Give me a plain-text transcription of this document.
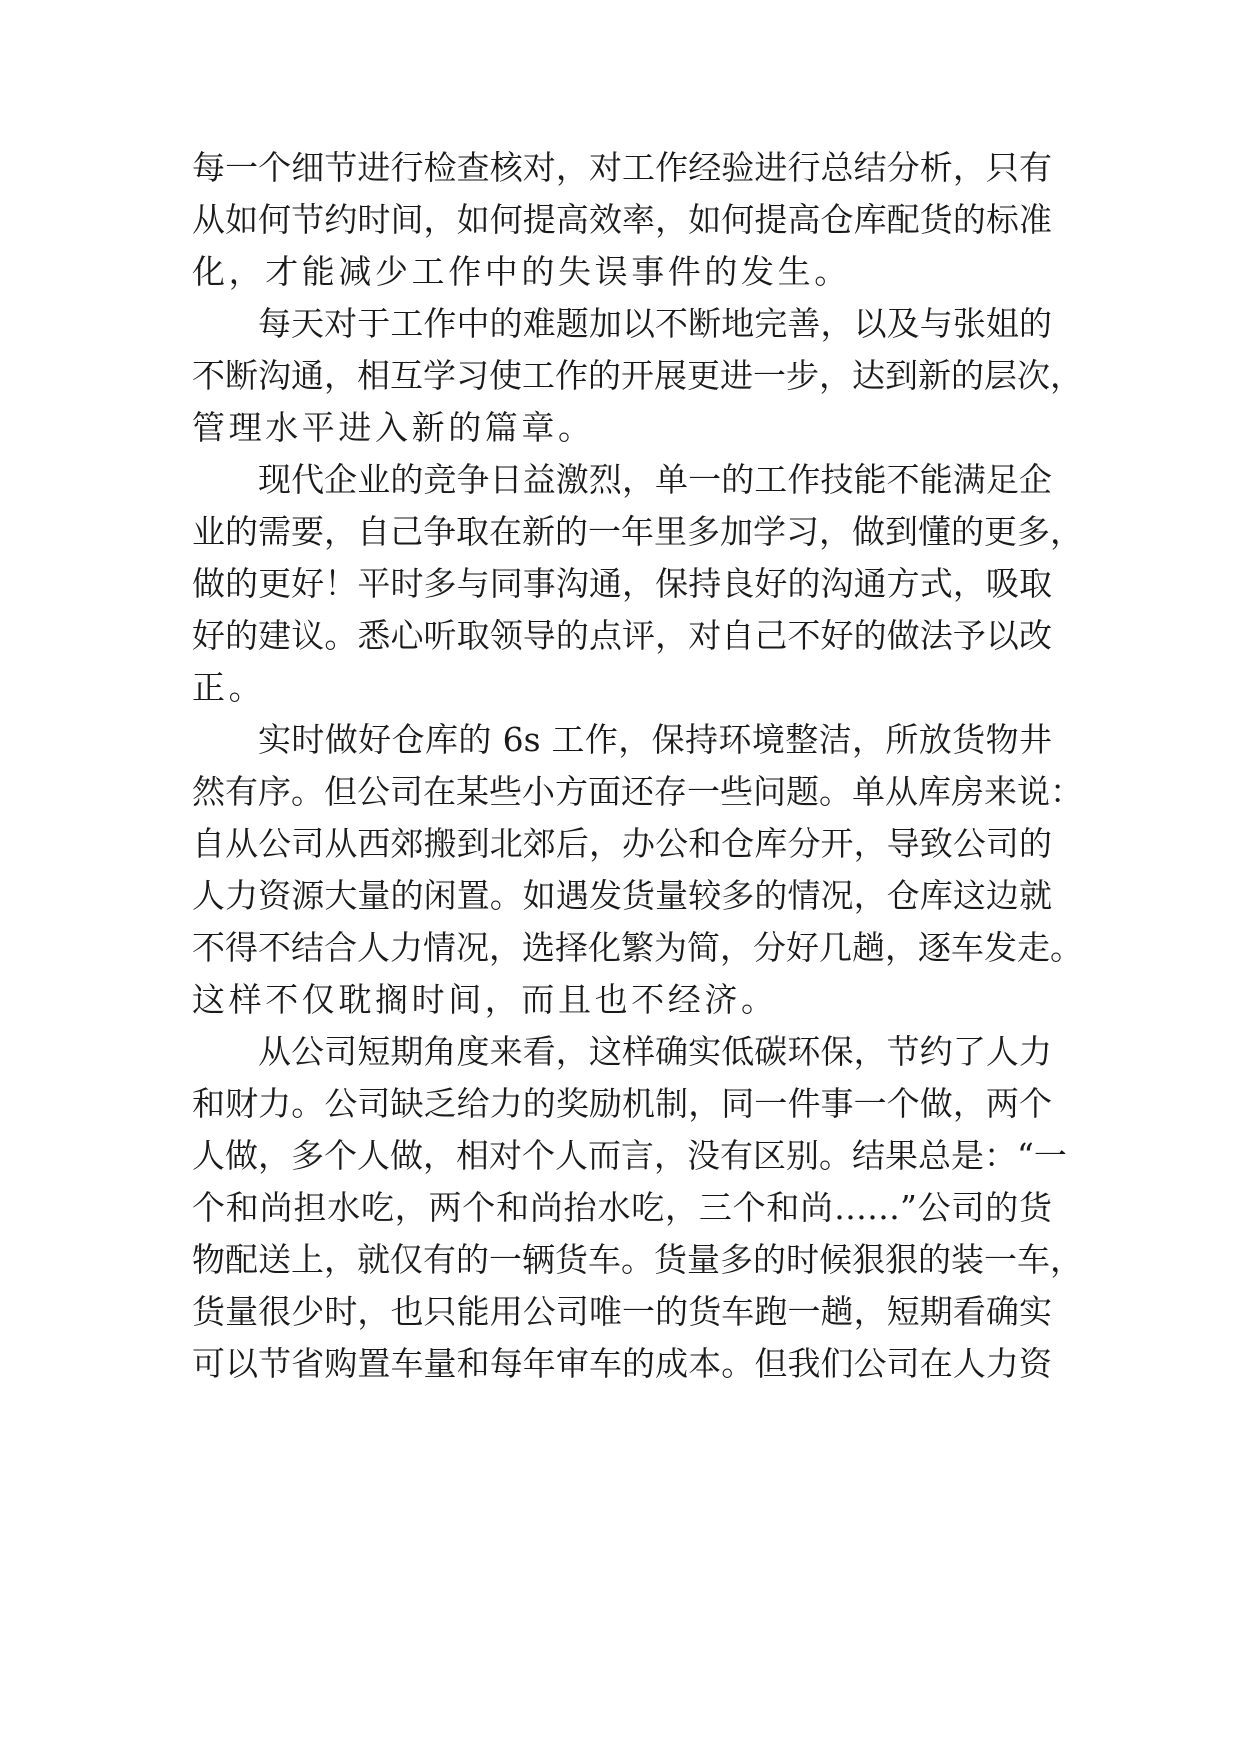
每一个细节进行检查核对，对工作经验进行总结分析，只有
从如何节约时间，如何提高效率，如何提高仓库配货的标准
化，才能减少工作中的失误事件的发生。
每天对于工作中的难题加以不断地完善，以及与张姐的
不断沟通，相互学习使工作的开展更进一步，达到新的层次，
管理水平进入新的篇章。
现代企业的竞争日益激烈，单一的工作技能不能满足企
业的需要，自己争取在新的一年里多加学习，做到懂的更多，
做的更好！平时多与同事沟通，保持良好的沟通方式，吸取
好的建议。悉心听取领导的点评，对自己不好的做法予以改
正。
实时做好仓库的 6s 工作，保持环境整洁，所放货物井
然有序。但公司在某些小方面还存一些问题。单从库房来说：
自从公司从西郊搬到北郊后，办公和仓库分开，导致公司的
人力资源大量的闲置。如遇发货量较多的情况，仓库这边就
不得不结合人力情况，选择化繁为简，分好几趟，逐车发走。
这样不仅耽搁时间，而且也不经济。
从公司短期角度来看，这样确实低碳环保，节约了人力
和财力。公司缺乏给力的奖励机制，同一件事一个做，两个
人做，多个人做，相对个人而言，没有区别。结果总是：“一
个和尚担水吃，两个和尚抬水吃，三个和尚……”公司的货
物配送上，就仅有的一辆货车。货量多的时候狠狠的装一车，
货量很少时，也只能用公司唯一的货车跑一趟，短期看确实
可以节省购置车量和每年审车的成本。但我们公司在人力资
